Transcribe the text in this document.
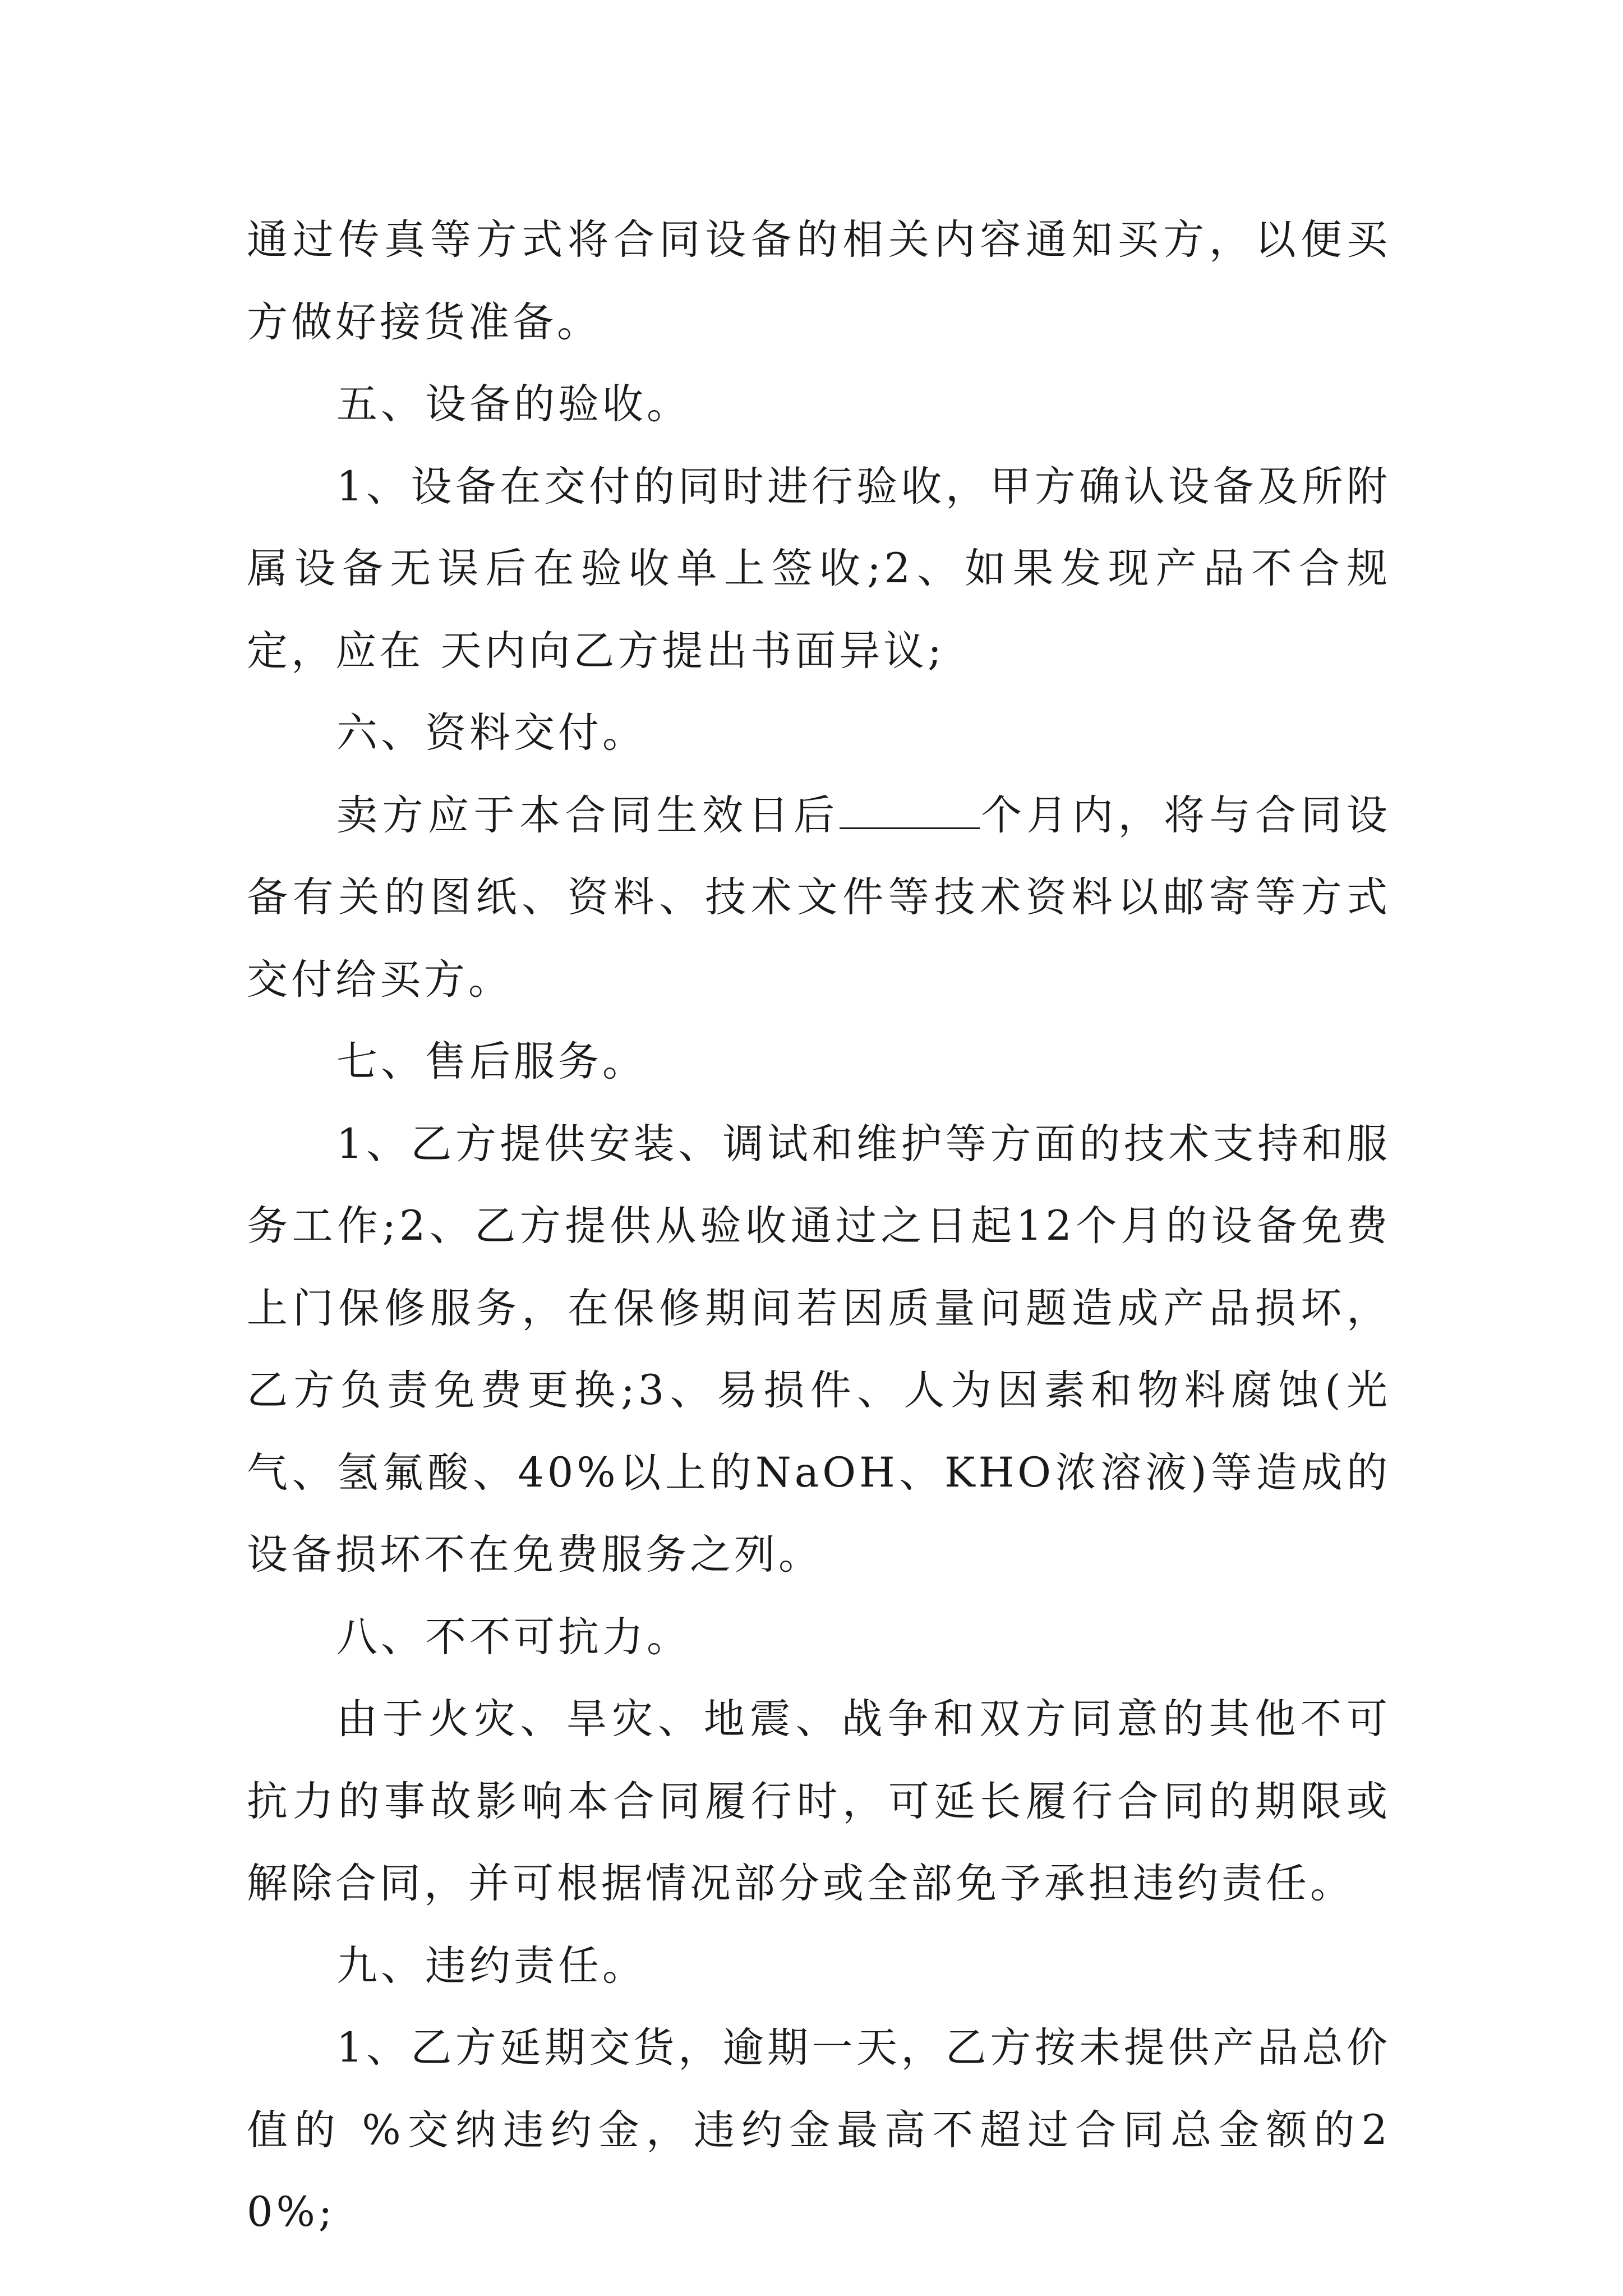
通过传真等方式将合同设备的相关内容通知买方，以便买方做好接货准备。

五、设备的验收。

1、设备在交付的同时进行验收，甲方确认设备及所附属设备无误后在验收单上签收;2、如果发现产品不合规定，应在 天内向乙方提出书面异议;

六、资料交付。

卖方应于本合同生效日后	个月内，将与合同设备有关的图纸、资料、技术文件等技术资料以邮寄等方式交付给买方。

七、售后服务。

1、乙方提供安装、调试和维护等方面的技术支持和服务工作;2、乙方提供从验收通过之日起12个月的设备免费上门保修服务，在保修期间若因质量问题造成产品损坏，乙方负责免费更换;3、易损件、人为因素和物料腐蚀(光气、氢氟酸、40%以上的NaOH、KHO浓溶液)等造成的设备损坏不在免费服务之列。

八、不不可抗力。

由于火灾、旱灾、地震、战争和双方同意的其他不可抗力的事故影响本合同履行时，可延长履行合同的期限或解除合同，并可根据情况部分或全部免予承担违约责任。

九、违约责任。

1、乙方延期交货，逾期一天，乙方按未提供产品总价值的 %交纳违约金，违约金最高不超过合同总金额的20%;
